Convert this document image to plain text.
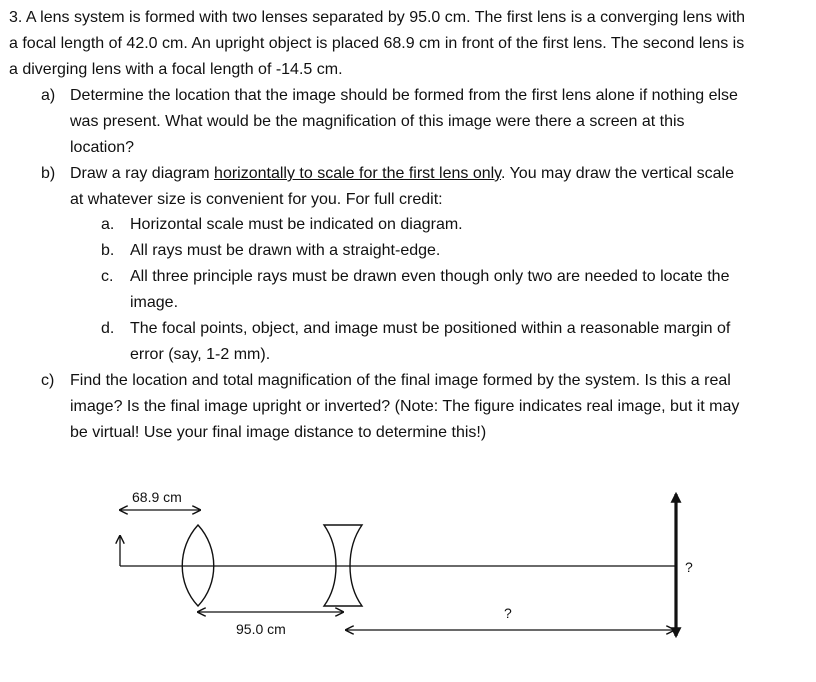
3. A lens system is formed with two lenses separated by 95.0 cm. The first lens is a converging lens with
a focal length of 42.0 cm. An upright object is placed 68.9 cm in front of the first lens. The second lens is
a diverging lens with a focal length of -14.5 cm.
a) Determine the location that the image should be formed from the first lens alone if nothing else
was present. What would be the magnification of this image were there a screen at this
location?
b) Draw a ray diagram horizontally to scale for the first lens only. You may draw the vertical scale
at whatever size is convenient for you. For full credit:
a. Horizontal scale must be indicated on diagram.
b. All rays must be drawn with a straight-edge.
c. All three principle rays must be drawn even though only two are needed to locate the
image.
d. The focal points, object, and image must be positioned within a reasonable margin of
error (say, 1-2 mm).
c) Find the location and total magnification of the final image formed by the system. Is this a real
image? Is the final image upright or inverted? (Note: The figure indicates real image, but it may
be virtual! Use your final image distance to determine this!)
68.9 cm
95.0 cm
?
?
